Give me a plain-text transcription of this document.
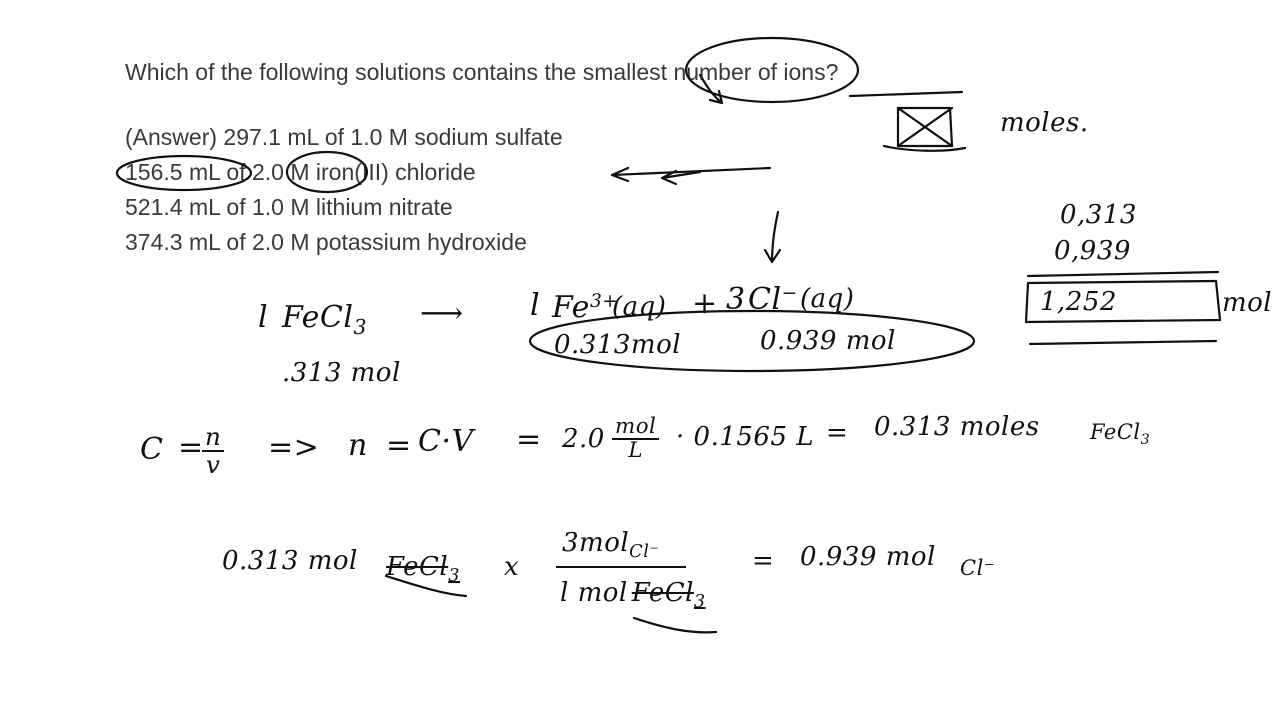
Which of the following solutions contains the smallest number of ions?
(Answer) 297.1 mL of 1.0 M sodium sulfate
156.5 mL of 2.0 M iron(III) chloride
521.4 mL of 1.0 M lithium nitrate
374.3 mL of 2.0 M potassium hydroxide
moles.
l FeCl$_3$ ⟶ l $Fe^{3+}$
(aq) + 3 Cl− (aq)
.313 mol
0.313mol	0.939 mol
0,313
0,939
1,252	mol
C =
$\frac{n}{v} => n = C\cdot V = 2.0 \frac{\text{mol}}{L} \cdot 0.1565$ L = 0.313 moles FeCl$_3$
0.313 mol FeCl$_3$ x
3mol$_{Cl^-}$
l mol FeCl$_3$
= 0.939 mol Cl⁻
